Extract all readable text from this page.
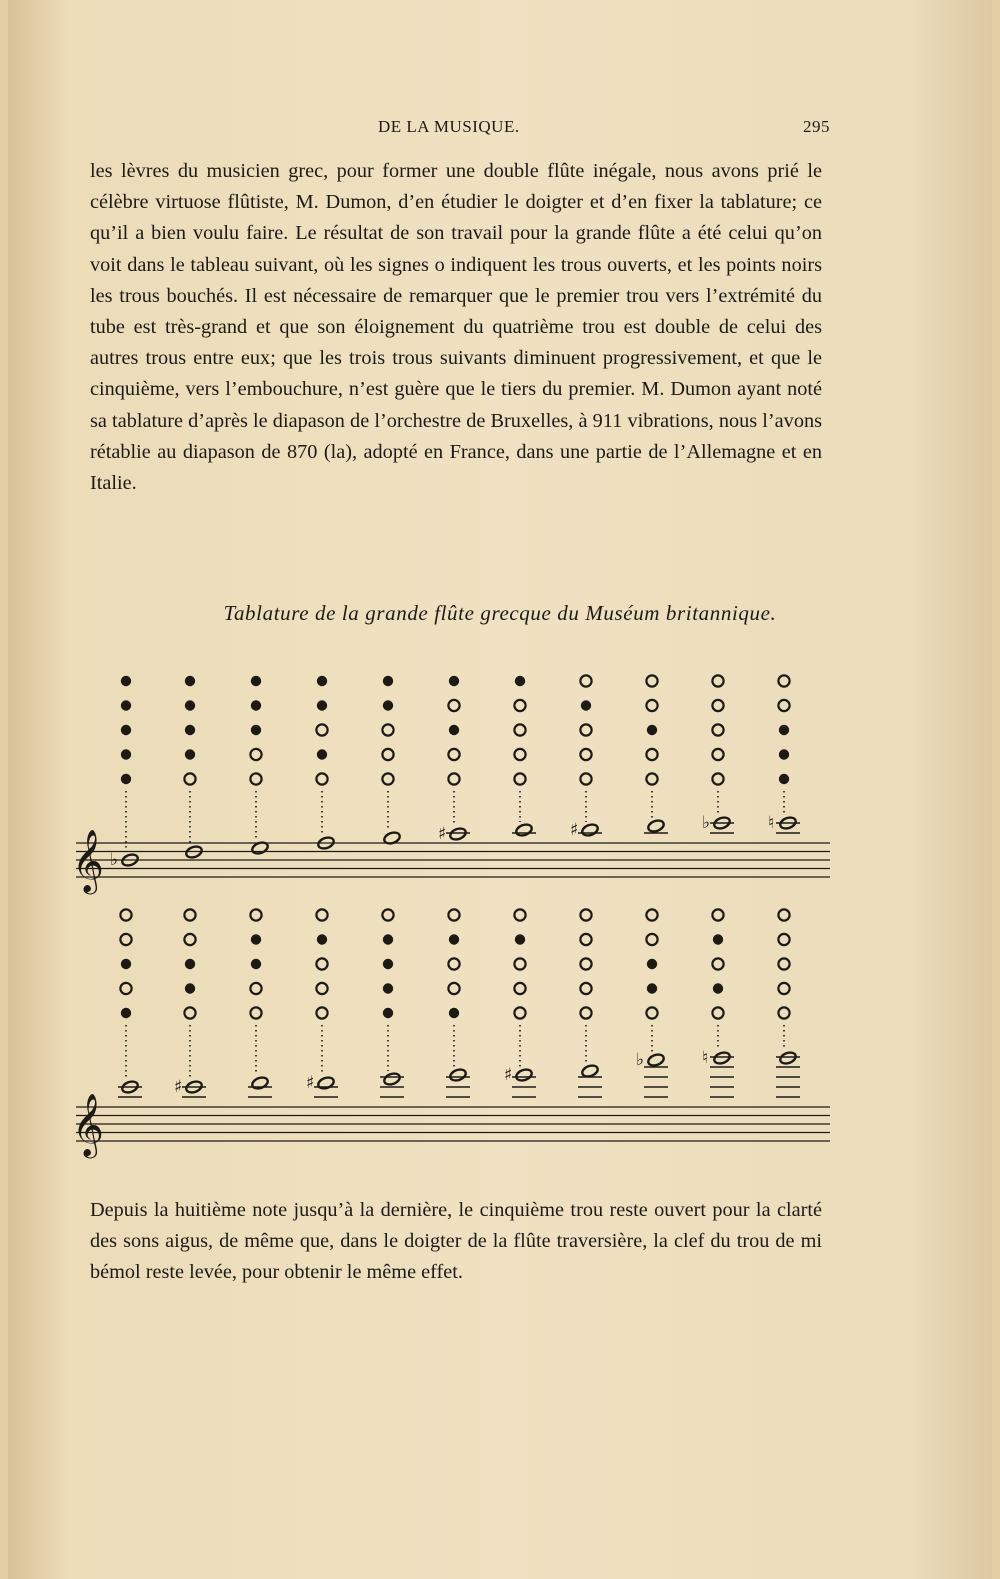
DE LA MUSIQUE.	295

les lèvres du musicien grec, pour former une double flûte inégale, nous avons prié le célèbre virtuose flûtiste, M. Dumon, d’en étudier le doigter et d’en fixer la tablature; ce qu’il a bien voulu faire. Le résultat de son travail pour la grande flûte a été celui qu’on voit dans le tableau suivant, où les signes o indiquent les trous ouverts, et les points noirs les trous bouchés. Il est nécessaire de remarquer que le premier trou vers l’extrémité du tube est très-grand et que son éloignement du quatrième trou est double de celui des autres trous entre eux; que les trois trous suivants diminuent progressivement, et que le cinquième, vers l’embouchure, n’est guère que le tiers du premier. M. Dumon ayant noté sa tablature d’après le diapason de l’orchestre de Bruxelles, à 911 vibrations, nous l’avons rétablie au diapason de 870 (la), adopté en France, dans une partie de l’Allemagne et en Italie.

Tablature de la grande flûte grecque du Muséum britannique.
♭
♯	♯	♭	♮
𝄞
♯	♯	♯
♭	♮
𝄞

Depuis la huitième note jusqu’à la dernière, le cinquième trou reste ouvert pour la clarté des sons aigus, de même que, dans le doigter de la flûte traversière, la clef du trou de mi bémol reste levée, pour obtenir le même effet.
